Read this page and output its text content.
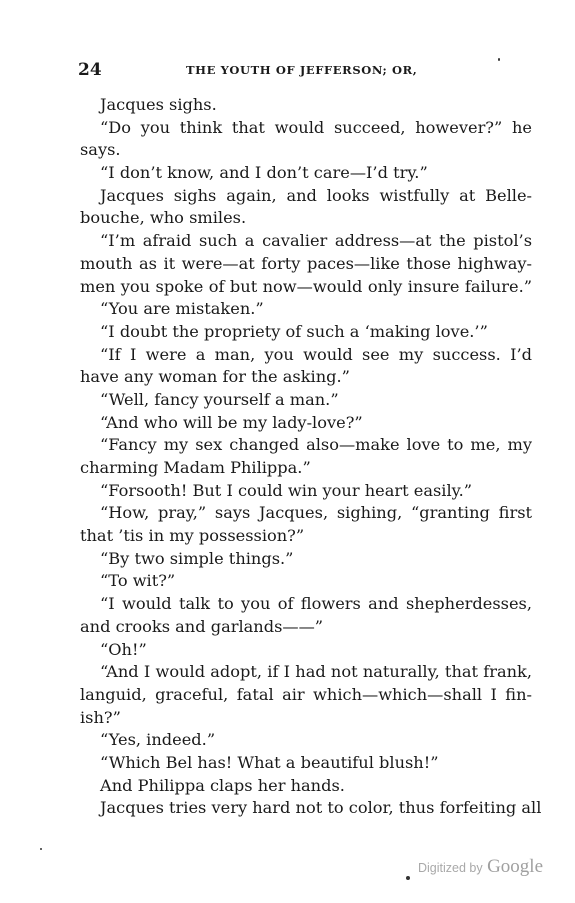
24	THE YOUTH OF JEFFERSON; OR,
Jacques sighs.
“Do you think that would succeed, however?” he
says.
“I don’t know, and I don’t care—I’d try.”
Jacques sighs again, and looks wistfully at Belle-
bouche, who smiles.
“I’m afraid such a cavalier address—at the pistol’s
mouth as it were—at forty paces—like those highway-
men you spoke of but now—would only insure failure.”
“You are mistaken.”
“I doubt the propriety of such a ‘making love.’”
“If I were a man, you would see my success. I’d
have any woman for the asking.”
“Well, fancy yourself a man.”
“And who will be my lady-love?”
“Fancy my sex changed also—make love to me, my
charming Madam Philippa.”
“Forsooth! But I could win your heart easily.”
“How, pray,” says Jacques, sighing, “granting first
that ’tis in my possession?”
“By two simple things.”
“To wit?”
“I would talk to you of flowers and shepherdesses,
and crooks and garlands——”
“Oh!”
“And I would adopt, if I had not naturally, that frank,
languid, graceful, fatal air which—which—shall I fin-
ish?”
“Yes, indeed.”
“Which Bel has! What a beautiful blush!”
And Philippa claps her hands.
Jacques tries very hard not to color, thus forfeiting all
Digitized by Google
